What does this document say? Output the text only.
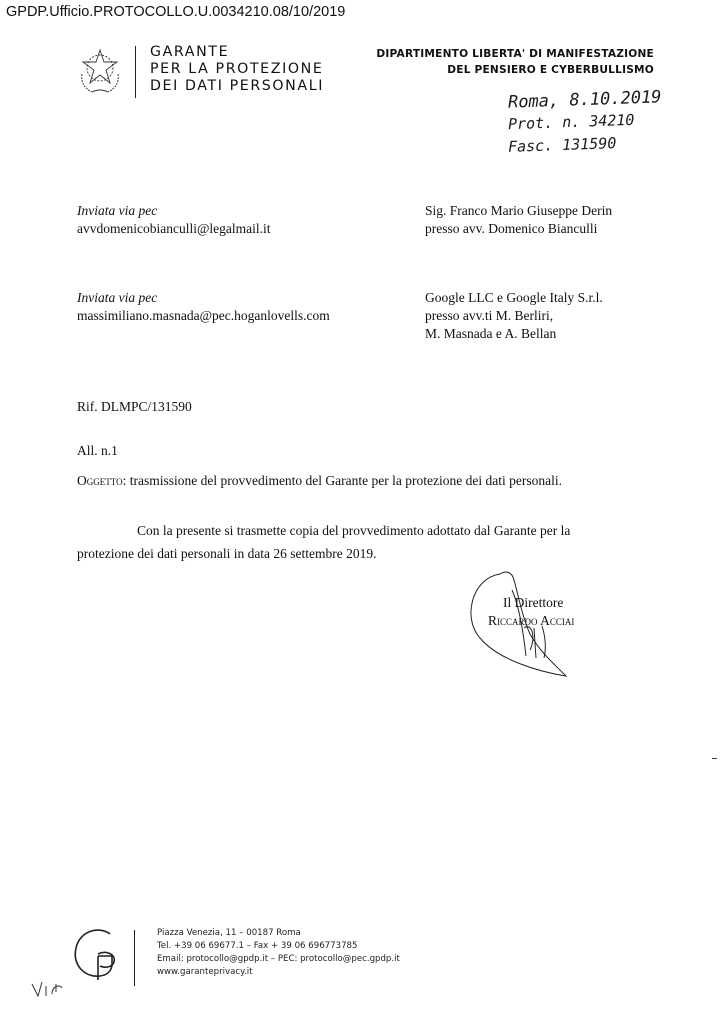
GPDP.Ufficio.PROTOCOLLO.U.0034210.08/10/2019
GARANTE
PER LA PROTEZIONE
DEI DATI PERSONALI
DIPARTIMENTO LIBERTA' DI MANIFESTAZIONE
DEL PENSIERO E CYBERBULLISMO
Roma, 8.10.2019
Prot. n. 34210
Fasc. 131590
Inviata via pec
avvdomenicobianculli@legalmail.it
Sig. Franco Mario Giuseppe Derin
presso avv. Domenico Bianculli
Inviata via pec
massimiliano.masnada@pec.hoganlovells.com
Google LLC e Google Italy S.r.l.
presso avv.ti M. Berliri,
M. Masnada e A. Bellan
Rif. DLMPC/131590
All. n.1
Oggetto: trasmissione del provvedimento del Garante per la protezione dei dati personali.
Con la presente si trasmette copia del provvedimento adottato dal Garante per la
protezione dei dati personali in data 26 settembre 2019.
Il Direttore
Riccardo Acciai
Piazza Venezia, 11 – 00187 Roma
Tel. +39 06 69677.1 – Fax + 39 06 696773785
Email: protocollo@gpdp.it – PEC: protocollo@pec.gpdp.it
www.garanteprivacy.it
